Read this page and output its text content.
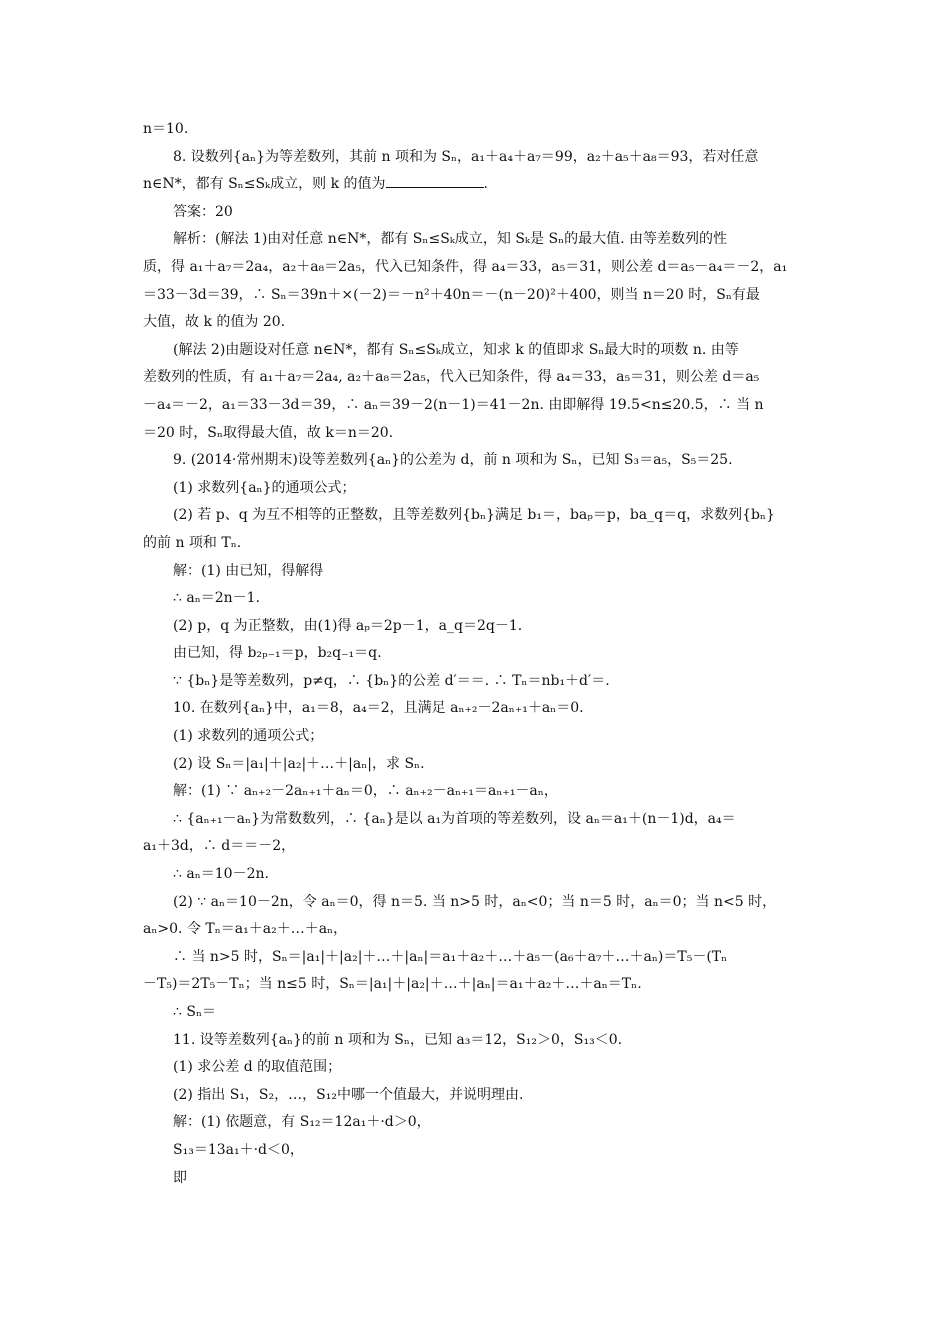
n＝10.
8. 设数列{aₙ}为等差数列，其前 n 项和为 Sₙ，a₁＋a₄＋a₇＝99，a₂＋a₅＋a₈＝93，若对任意
n∈N*，都有 Sₙ≤Sₖ成立，则 k 的值为	.
答案：20
解析：(解法 1)由对任意 n∈N*，都有 Sₙ≤Sₖ成立，知 Sₖ是 Sₙ的最大值. 由等差数列的性
质，得 a₁＋a₇＝2a₄，a₂＋a₈＝2a₅，代入已知条件，得 a₄＝33，a₅＝31，则公差 d＝a₅－a₄＝－2，a₁
＝33－3d＝39，∴ Sₙ＝39n＋×(－2)＝－n²＋40n＝－(n－20)²＋400，则当 n＝20 时，Sₙ有最
大值，故 k 的值为 20.
(解法 2)由题设对任意 n∈N*，都有 Sₙ≤Sₖ成立，知求 k 的值即求 Sₙ最大时的项数 n. 由等
差数列的性质，有 a₁＋a₇＝2a₄, a₂＋a₈＝2a₅，代入已知条件，得 a₄＝33，a₅＝31，则公差 d＝a₅
－a₄＝－2，a₁＝33－3d＝39，∴ aₙ＝39－2(n－1)＝41－2n. 由即解得 19.5<n≤20.5，∴ 当 n
＝20 时，Sₙ取得最大值，故 k＝n＝20.
9. (2014·常州期末)设等差数列{aₙ}的公差为 d，前 n 项和为 Sₙ，已知 S₃＝a₅，S₅＝25.
(1) 求数列{aₙ}的通项公式；
(2) 若 p、q 为互不相等的正整数，且等差数列{bₙ}满足 b₁＝，baₚ＝p，ba_q＝q，求数列{bₙ}
的前 n 项和 Tₙ.
解：(1) 由已知，得解得
∴ aₙ＝2n－1.
(2) p，q 为正整数，由(1)得 aₚ＝2p－1，a_q＝2q－1.
由已知，得 b₂ₚ₋₁＝p，b₂q₋₁＝q.
∵ {bₙ}是等差数列，p≠q，∴ {bₙ}的公差 d′＝＝. ∴ Tₙ＝nb₁＋d′＝.
10. 在数列{aₙ}中，a₁＝8，a₄＝2，且满足 aₙ₊₂－2aₙ₊₁＋aₙ＝0.
(1) 求数列的通项公式；
(2) 设 Sₙ＝|a₁|＋|a₂|＋…＋|aₙ|，求 Sₙ.
解：(1) ∵ aₙ₊₂－2aₙ₊₁＋aₙ＝0，∴ aₙ₊₂－aₙ₊₁＝aₙ₊₁－aₙ，
∴ {aₙ₊₁－aₙ}为常数数列，∴ {aₙ}是以 a₁为首项的等差数列，设 aₙ＝a₁＋(n－1)d，a₄＝
a₁＋3d，∴ d＝＝－2，
∴ aₙ＝10－2n.
(2) ∵ aₙ＝10－2n，令 aₙ＝0，得 n＝5. 当 n>5 时，aₙ<0；当 n＝5 时，aₙ＝0；当 n<5 时，
aₙ>0. 令 Tₙ＝a₁＋a₂＋…＋aₙ，
∴ 当 n>5 时，Sₙ＝|a₁|＋|a₂|＋…＋|aₙ|＝a₁＋a₂＋…＋a₅－(a₆＋a₇＋…＋aₙ)＝T₅－(Tₙ
－T₅)＝2T₅－Tₙ；当 n≤5 时，Sₙ＝|a₁|＋|a₂|＋…＋|aₙ|＝a₁＋a₂＋…＋aₙ＝Tₙ.
∴ Sₙ＝
11. 设等差数列{aₙ}的前 n 项和为 Sₙ，已知 a₃＝12，S₁₂＞0，S₁₃＜0.
(1) 求公差 d 的取值范围；
(2) 指出 S₁，S₂，…，S₁₂中哪一个值最大，并说明理由.
解：(1) 依题意，有 S₁₂＝12a₁＋·d＞0，
S₁₃＝13a₁＋·d＜0，
即
